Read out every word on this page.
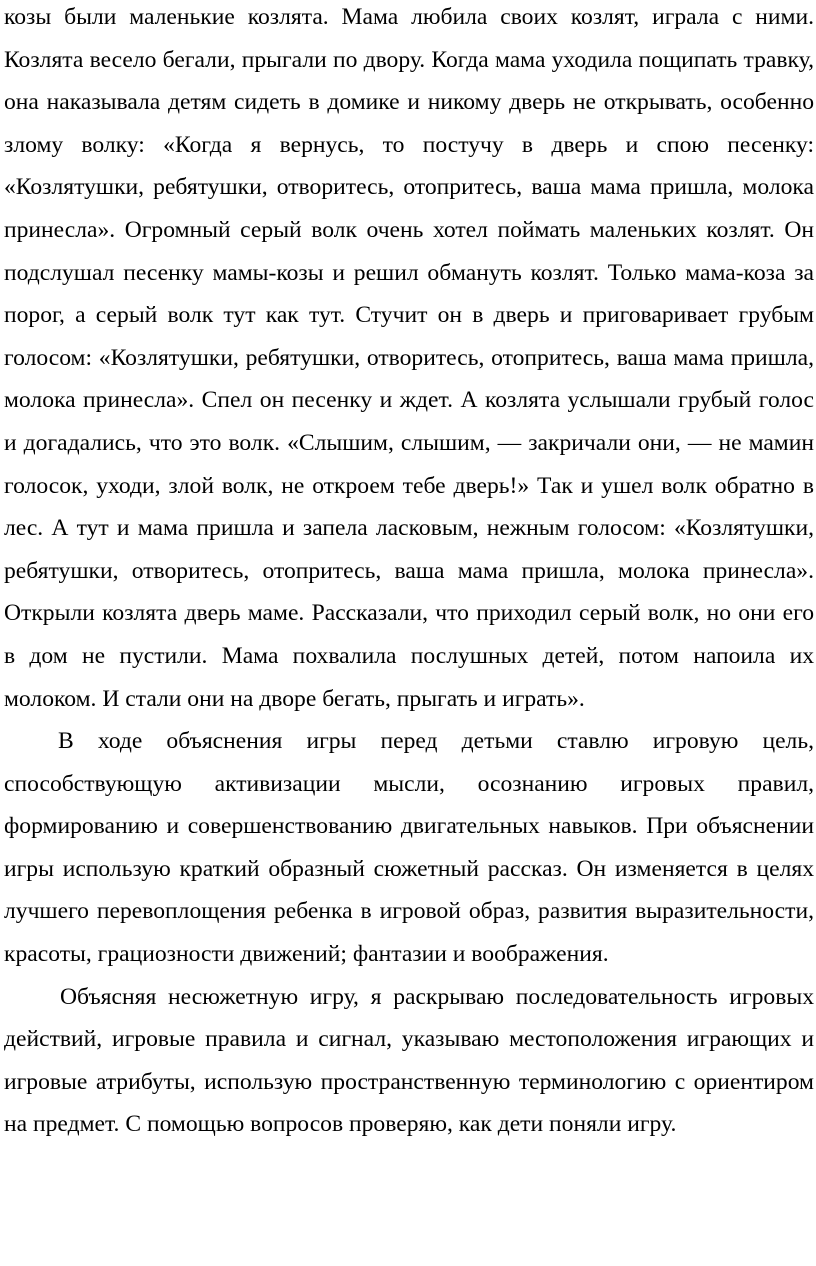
козы были маленькие козлята. Мама любила своих козлят, играла с ними. Козлята весело бегали, прыгали по двору. Когда мама уходила пощипать травку, она наказывала детям сидеть в домике и никому дверь не открывать, особенно злому волку: «Когда я вернусь, то постучу в дверь и спою песенку: «Козлятушки, ребятушки, отворитесь, отопритесь, ваша мама пришла, молока принесла». Огромный серый волк очень хотел поймать маленьких козлят. Он подслушал песенку мамы-козы и решил обмануть козлят. Только мама-коза за порог, а серый волк тут как тут. Стучит он в дверь и приговаривает грубым голосом: «Козлятушки, ребятушки, отворитесь, отопритесь, ваша мама пришла, молока принесла». Спел он песенку и ждет. А козлята услышали грубый голос и догадались, что это волк. «Слышим, слышим, — закричали они, — не мамин голосок, уходи, злой волк, не откроем тебе дверь!» Так и ушел волк обратно в лес. А тут и мама пришла и запела ласковым, нежным голосом: «Козлятушки, ребятушки, отворитесь, отопритесь, ваша мама пришла, молока принесла». Открыли козлята дверь маме. Рассказали, что приходил серый волк, но они его в дом не пустили. Мама похвалила послушных детей, потом напоила их молоком. И стали они на дворе бегать, прыгать и играть».

В ходе объяснения игры перед детьми ставлю игровую цель, способствующую активизации мысли, осознанию игровых правил, формированию и совершенствованию двигательных навыков. При объяснении игры использую краткий образный сюжетный рассказ. Он изменяется в целях лучшего перевоплощения ребенка в игровой образ, развития выразительности, красоты, грациозности движений; фантазии и воображения.

Объясняя несюжетную игру, я раскрываю последовательность игровых действий, игровые правила и сигнал, указываю местоположения играющих и игровые атрибуты, использую пространственную терминологию с ориентиром на предмет. С помощью вопросов проверяю, как дети поняли игру.
